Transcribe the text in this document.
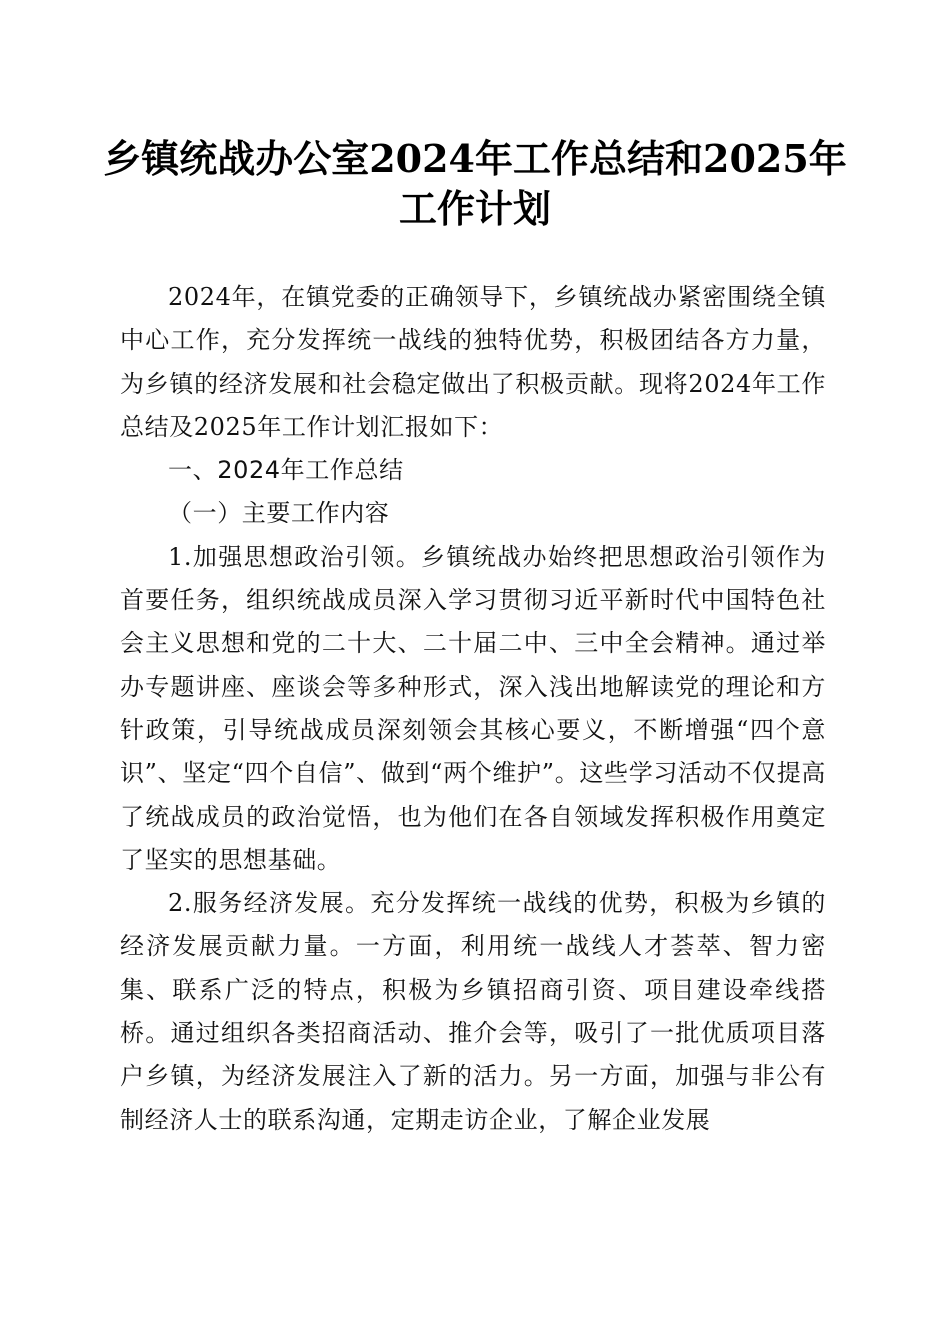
乡镇统战办公室2024年工作总结和2025年工作计划

2024年，在镇党委的正确领导下，乡镇统战办紧密围绕全镇中心工作，充分发挥统一战线的独特优势，积极团结各方力量，为乡镇的经济发展和社会稳定做出了积极贡献。现将2024年工作总结及2025年工作计划汇报如下：

一、2024年工作总结

（一）主要工作内容

1.加强思想政治引领。乡镇统战办始终把思想政治引领作为首要任务，组织统战成员深入学习贯彻习近平新时代中国特色社会主义思想和党的二十大、二十届二中、三中全会精神。通过举办专题讲座、座谈会等多种形式，深入浅出地解读党的理论和方针政策，引导统战成员深刻领会其核心要义，不断增强“四个意识”、坚定“四个自信”、做到“两个维护”。这些学习活动不仅提高了统战成员的政治觉悟，也为他们在各自领域发挥积极作用奠定了坚实的思想基础。

2.服务经济发展。充分发挥统一战线的优势，积极为乡镇的经济发展贡献力量。一方面，利用统一战线人才荟萃、智力密集、联系广泛的特点，积极为乡镇招商引资、项目建设牵线搭桥。通过组织各类招商活动、推介会等，吸引了一批优质项目落户乡镇，为经济发展注入了新的活力。另一方面，加强与非公有制经济人士的联系沟通，定期走访企业，了解企业发展
